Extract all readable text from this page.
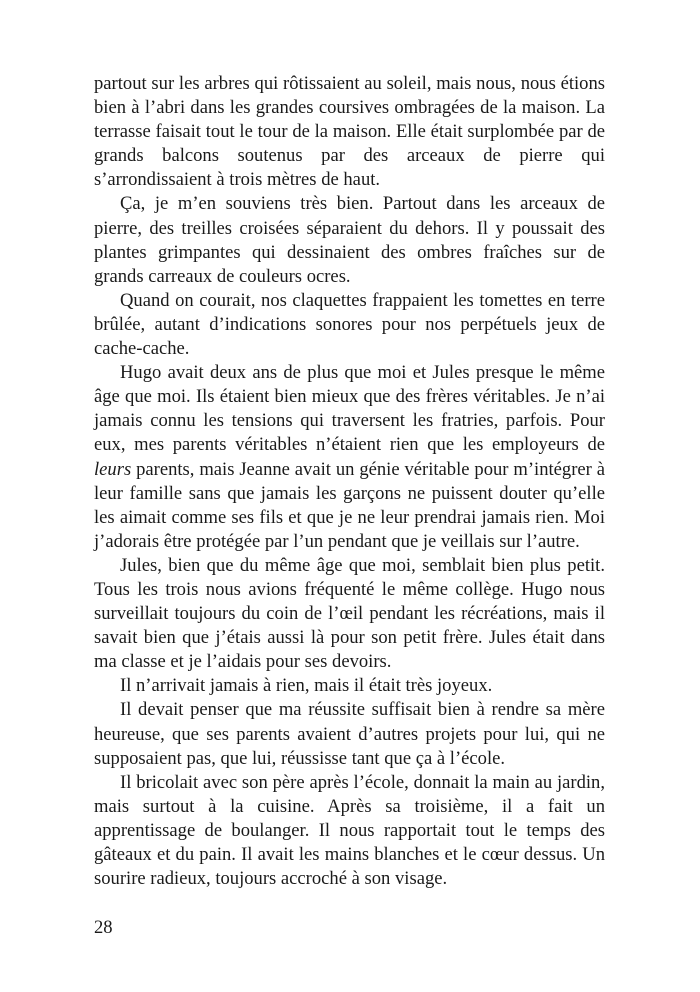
partout sur les arbres qui rôtissaient au soleil, mais nous, nous étions bien à l’abri dans les grandes coursives ombragées de la maison. La terrasse faisait tout le tour de la maison. Elle était surplombée par de grands balcons soutenus par des arceaux de pierre qui s’arrondissaient à trois mètres de haut.

Ça, je m’en souviens très bien. Partout dans les arceaux de pierre, des treilles croisées séparaient du dehors. Il y poussait des plantes grimpantes qui dessinaient des ombres fraîches sur de grands carreaux de couleurs ocres.

Quand on courait, nos claquettes frappaient les tomettes en terre brûlée, autant d’indications sonores pour nos perpétuels jeux de cache-cache.

Hugo avait deux ans de plus que moi et Jules presque le même âge que moi. Ils étaient bien mieux que des frères véritables. Je n’ai jamais connu les tensions qui traversent les fratries, parfois. Pour eux, mes parents véritables n’étaient rien que les employeurs de leurs parents, mais Jeanne avait un génie véritable pour m’intégrer à leur famille sans que jamais les garçons ne puissent douter qu’elle les aimait comme ses fils et que je ne leur prendrai jamais rien. Moi j’adorais être protégée par l’un pendant que je veillais sur l’autre.

Jules, bien que du même âge que moi, semblait bien plus petit. Tous les trois nous avions fréquenté le même collège. Hugo nous surveillait toujours du coin de l’œil pendant les récréations, mais il savait bien que j’étais aussi là pour son petit frère. Jules était dans ma classe et je l’aidais pour ses devoirs.

Il n’arrivait jamais à rien, mais il était très joyeux.

Il devait penser que ma réussite suffisait bien à rendre sa mère heureuse, que ses parents avaient d’autres projets pour lui, qui ne supposaient pas, que lui, réussisse tant que ça à l’école.

Il bricolait avec son père après l’école, donnait la main au jardin, mais surtout à la cuisine. Après sa troisième, il a fait un apprentissage de boulanger. Il nous rapportait tout le temps des gâteaux et du pain. Il avait les mains blanches et le cœur dessus. Un sourire radieux, toujours accroché à son visage.

28
